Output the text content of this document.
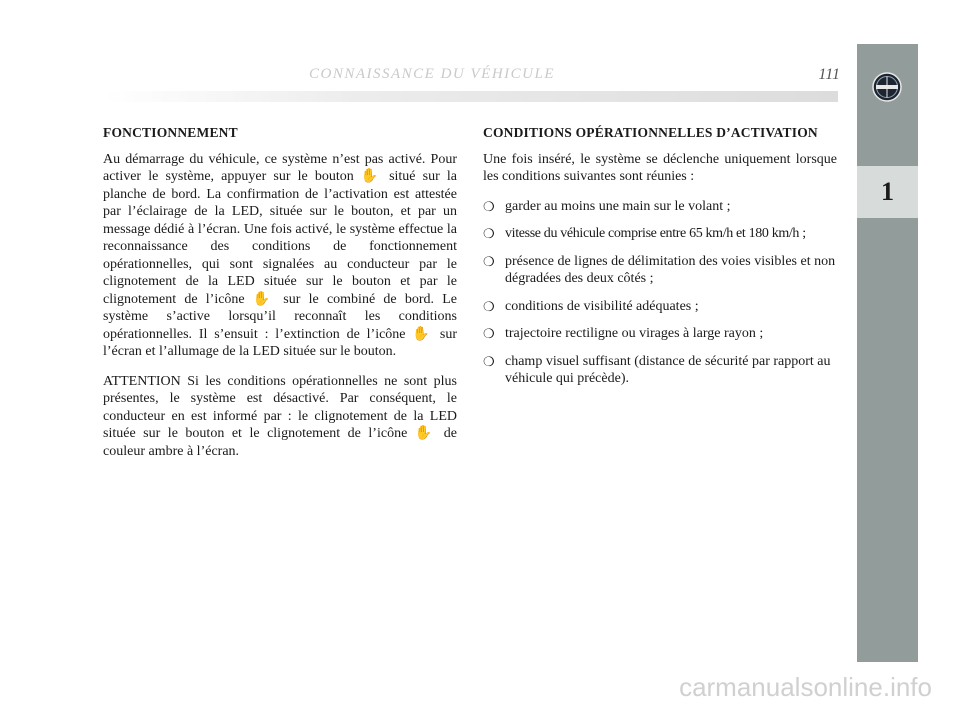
CONNAISSANCE DU VÉHICULE	111
1
FONCTIONNEMENT

Au démarrage du véhicule, ce système n’est pas activé. Pour activer le système, appuyer sur le bouton ✋ situé sur la planche de bord. La confirmation de l’activation est attestée par l’éclairage de la LED, située sur le bouton, et par un message dédié à l’écran. Une fois activé, le système effectue la reconnaissance des conditions de fonctionnement opérationnelles, qui sont signalées au conducteur par le clignotement de la LED située sur le bouton et par le clignotement de l’icône ✋ sur le combiné de bord. Le système s’active lorsqu’il reconnaît les conditions opérationnelles. Il s’ensuit : l’extinction de l’icône ✋ sur l’écran et l’allumage de la LED située sur le bouton.

ATTENTION Si les conditions opérationnelles ne sont plus présentes, le système est désactivé. Par conséquent, le conducteur en est informé par : le clignotement de la LED située sur le bouton et le clignotement de l’icône ✋ de couleur ambre à l’écran.

CONDITIONS OPÉRATIONNELLES D’ACTIVATION

Une fois inséré, le système se déclenche uniquement lorsque les conditions suivantes sont réunies :

❍ garder au moins une main sur le volant ;
❍ vitesse du véhicule comprise entre 65 km/h et 180 km/h ;
❍ présence de lignes de délimitation des voies visibles et non dégradées des deux côtés ;
❍ conditions de visibilité adéquates ;
❍ trajectoire rectiligne ou virages à large rayon ;
❍ champ visuel suffisant (distance de sécurité par rapport au véhicule qui précède).
carmanualsonline.info
